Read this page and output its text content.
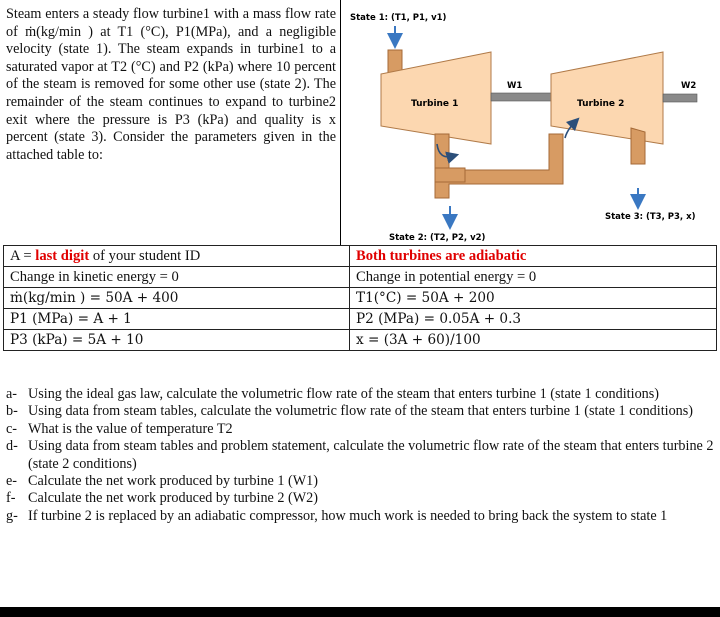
Steam enters a steady flow turbine1 with a mass flow rate of ṁ(kg/min ) at T1 (°C), P1(MPa), and a negligible velocity (state 1). The steam expands in turbine1 to a saturated vapor at T2 (°C) and P2 (kPa) where 10 percent of the steam is removed for some other use (state 2). The remainder of the steam continues to expand to turbine2 exit where the pressure is P3 (kPa) and quality is x percent (state 3). Consider the parameters given in the attached table to:
State 1: (T1, P1, v1)
Turbine 1
W1
Turbine 2
W2
State 2: (T2, P2, v2)
State 3: (T3, P3, x)
A = last digit of your student ID	Both turbines are adiabatic
Change in kinetic energy = 0	Change in potential energy = 0
ṁ(kg/min ) = 50A + 400	T1(°C) = 50A + 200
P1 (MPa) = A + 1	P2 (MPa) = 0.05A + 0.3
P3 (kPa) = 5A + 10	x = (3A + 60)/100
a- Using the ideal gas law, calculate the volumetric flow rate of the steam that enters turbine 1 (state 1 conditions)
b- Using data from steam tables, calculate the volumetric flow rate of the steam that enters turbine 1 (state 1 conditions)
c- What is the value of temperature T2
d- Using data from steam tables and problem statement, calculate the volumetric flow rate of the steam that enters turbine 2 (state 2 conditions)
e- Calculate the net work produced by turbine 1 (W1)
f- Calculate the net work produced by turbine 2 (W2)
g- If turbine 2 is replaced by an adiabatic compressor, how much work is needed to bring back the system to state 1
